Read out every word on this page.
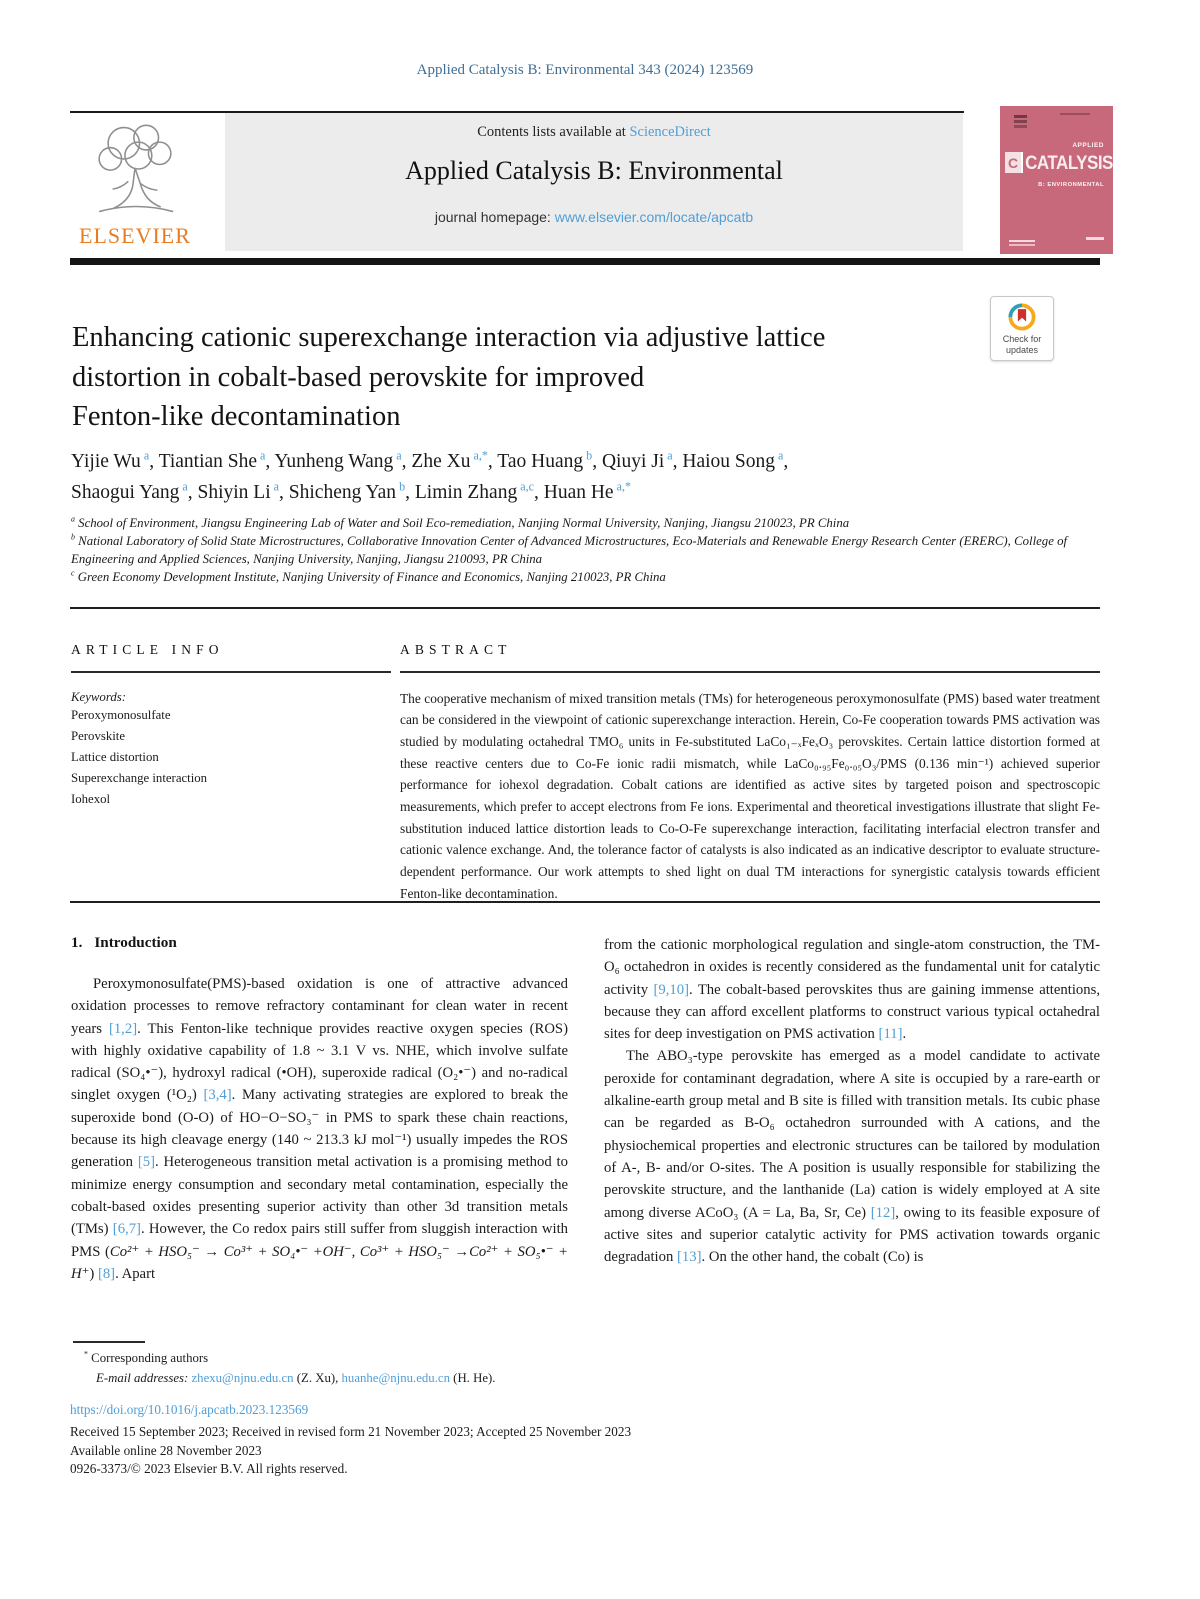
Applied Catalysis B: Environmental 343 (2024) 123569
ELSEVIER
Contents lists available at ScienceDirect
Applied Catalysis B: Environmental
journal homepage: www.elsevier.com/locate/apcatb
APPLIED
C CATALYSIS
B: ENVIRONMENTAL
Enhancing cationic superexchange interaction via adjustive lattice
distortion in cobalt-based perovskite for improved
Fenton-like decontamination
Check for
updates
Yijie Wu $^a$, Tiantian She $^a$, Yunheng Wang $^a$, Zhe Xu $^{a,*}$, Tao Huang $^b$, Qiuyi Ji $^a$, Haiou Song $^a$,
Shaogui Yang $^a$, Shiyin Li $^a$, Shicheng Yan $^b$, Limin Zhang $^{a,c}$, Huan He $^{a,*}$
$^a$ School of Environment, Jiangsu Engineering Lab of Water and Soil Eco-remediation, Nanjing Normal University, Nanjing, Jiangsu 210023, PR China
$^b$ National Laboratory of Solid State Microstructures, Collaborative Innovation Center of Advanced Microstructures, Eco-Materials and Renewable Energy Research Center (ERERC), College of Engineering and Applied Sciences, Nanjing University, Nanjing, Jiangsu 210093, PR China
$^c$ Green Economy Development Institute, Nanjing University of Finance and Economics, Nanjing 210023, PR China
ARTICLE INFO
Keywords:
Peroxymonosulfate
Perovskite
Lattice distortion
Superexchange interaction
Iohexol
ABSTRACT
The cooperative mechanism of mixed transition metals (TMs) for heterogeneous peroxymonosulfate (PMS) based water treatment can be considered in the viewpoint of cationic superexchange interaction. Herein, Co-Fe cooperation towards PMS activation was studied by modulating octahedral TMO₆ units in Fe-substituted LaCo₁₋ₓFeₓO₃ perovskites. Certain lattice distortion formed at these reactive centers due to Co-Fe ionic radii mismatch, while LaCo₀.₉₅Fe₀.₀₅O₃/PMS (0.136 min⁻¹) achieved superior performance for iohexol degradation. Cobalt cations are identified as active sites by targeted poison and spectroscopic measurements, which prefer to accept electrons from Fe ions. Experimental and theoretical investigations illustrate that slight Fe-substitution induced lattice distortion leads to Co-O-Fe superexchange interaction, facilitating interfacial electron transfer and cationic valence exchange. And, the tolerance factor of catalysts is also indicated as an indicative descriptor to evaluate structure-dependent performance. Our work attempts to shed light on dual TM interactions for synergistic catalysis towards efficient Fenton-like decontamination.
1. Introduction

Peroxymonosulfate(PMS)-based oxidation is one of attractive advanced oxidation processes to remove refractory contaminant for clean water in recent years [1,2]. This Fenton-like technique provides reactive oxygen species (ROS) with highly oxidative capability of 1.8 ~ 3.1 V vs. NHE, which involve sulfate radical (SO₄•⁻), hydroxyl radical (•OH), superoxide radical (O₂•⁻) and no-radical singlet oxygen (¹O₂) [3,4]. Many activating strategies are explored to break the superoxide bond (O-O) of HO−O−SO₃⁻ in PMS to spark these chain reactions, because its high cleavage energy (140 ~ 213.3 kJ mol⁻¹) usually impedes the ROS generation [5]. Heterogeneous transition metal activation is a promising method to minimize energy consumption and secondary metal contamination, especially the cobalt-based oxides presenting superior activity than other 3d transition metals (TMs) [6,7]. However, the Co redox pairs still suffer from sluggish interaction with PMS (Co²⁺ + HSO₅⁻ → Co³⁺ + SO₄•⁻ +OH⁻, Co³⁺ + HSO₅⁻ →Co²⁺ + SO₅•⁻ + H⁺) [8]. Apart

from the cationic morphological regulation and single-atom construction, the TM-O₆ octahedron in oxides is recently considered as the fundamental unit for catalytic activity [9,10]. The cobalt-based perovskites thus are gaining immense attentions, because they can afford excellent platforms to construct various typical octahedral sites for deep investigation on PMS activation [11].

The ABO₃-type perovskite has emerged as a model candidate to activate peroxide for contaminant degradation, where A site is occupied by a rare-earth or alkaline-earth group metal and B site is filled with transition metals. Its cubic phase can be regarded as B-O₆ octahedron surrounded with A cations, and the physiochemical properties and electronic structures can be tailored by modulation of A-, B- and/or O-sites. The A position is usually responsible for stabilizing the perovskite structure, and the lanthanide (La) cation is widely employed at A site among diverse ACoO₃ (A = La, Ba, Sr, Ce) [12], owing to its feasible exposure of active sites and superior catalytic activity for PMS activation towards organic degradation [13]. On the other hand, the cobalt (Co) is

* Corresponding authors
E-mail addresses: zhexu@njnu.edu.cn (Z. Xu), huanhe@njnu.edu.cn (H. He).
https://doi.org/10.1016/j.apcatb.2023.123569
Received 15 September 2023; Received in revised form 21 November 2023; Accepted 25 November 2023
Available online 28 November 2023
0926-3373/© 2023 Elsevier B.V. All rights reserved.
